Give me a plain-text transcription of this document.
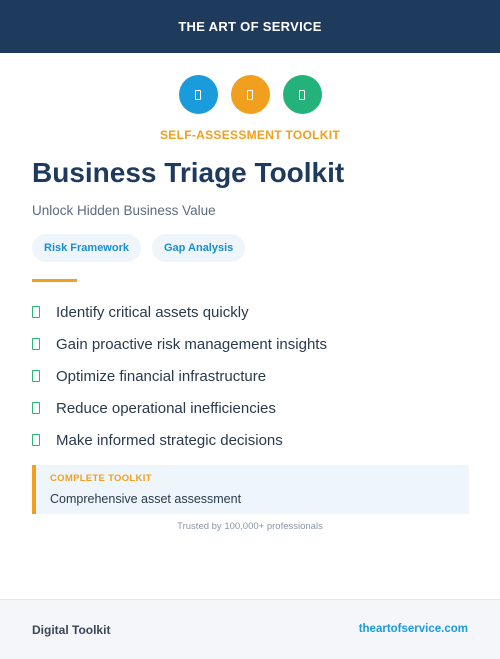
THE ART OF SERVICE
SELF-ASSESSMENT TOOLKIT
Business Triage Toolkit
Unlock Hidden Business Value
Risk Framework	Gap Analysis
Identify critical assets quickly
Gain proactive risk management insights
Optimize financial infrastructure
Reduce operational inefficiencies
Make informed strategic decisions
COMPLETE TOOLKIT
Comprehensive asset assessment
Trusted by 100,000+ professionals
Digital Toolkit	theartofservice.com
